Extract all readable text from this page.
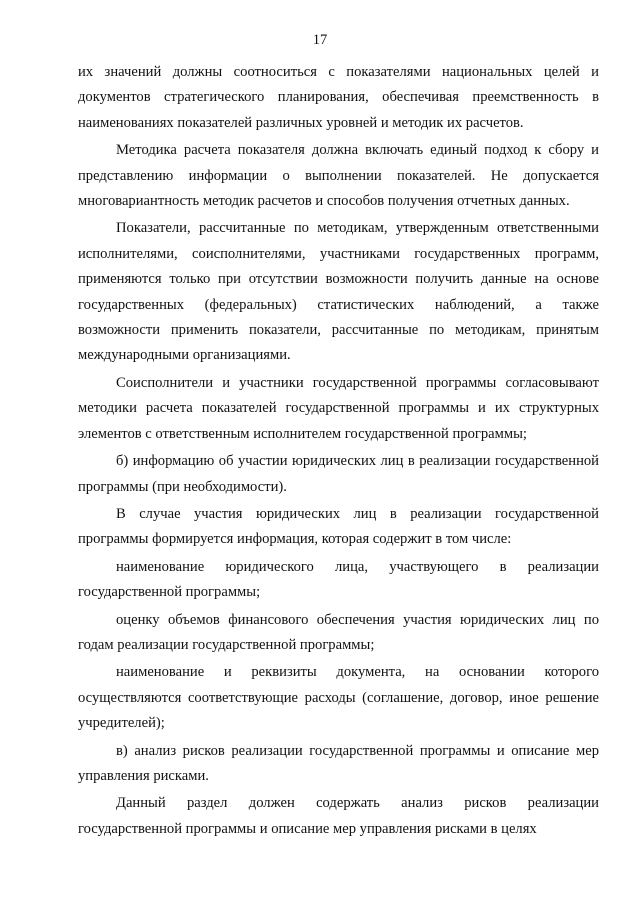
17

их значений должны соотноситься с показателями национальных целей и документов стратегического планирования, обеспечивая преемственность в наименованиях показателей различных уровней и методик их расчетов.

Методика расчета показателя должна включать единый подход к сбору и представлению информации о выполнении показателей. Не допускается многовариантность методик расчетов и способов получения отчетных данных.

Показатели, рассчитанные по методикам, утвержденным ответственными исполнителями, соисполнителями, участниками государственных программ, применяются только при отсутствии возможности получить данные на основе государственных (федеральных) статистических наблюдений, а также возможности применить показатели, рассчитанные по методикам, принятым международными организациями.

Соисполнители и участники государственной программы согласовывают методики расчета показателей государственной программы и их структурных элементов с ответственным исполнителем государственной программы;

б) информацию об участии юридических лиц в реализации государственной программы (при необходимости).

В случае участия юридических лиц в реализации государственной программы формируется информация, которая содержит в том числе:

наименование юридического лица, участвующего в реализации государственной программы;

оценку объемов финансового обеспечения участия юридических лиц по годам реализации государственной программы;

наименование и реквизиты документа, на основании которого осуществляются соответствующие расходы (соглашение, договор, иное решение учредителей);

в) анализ рисков реализации государственной программы и описание мер управления рисками.

Данный раздел должен содержать анализ рисков реализации государственной программы и описание мер управления рисками в целях
